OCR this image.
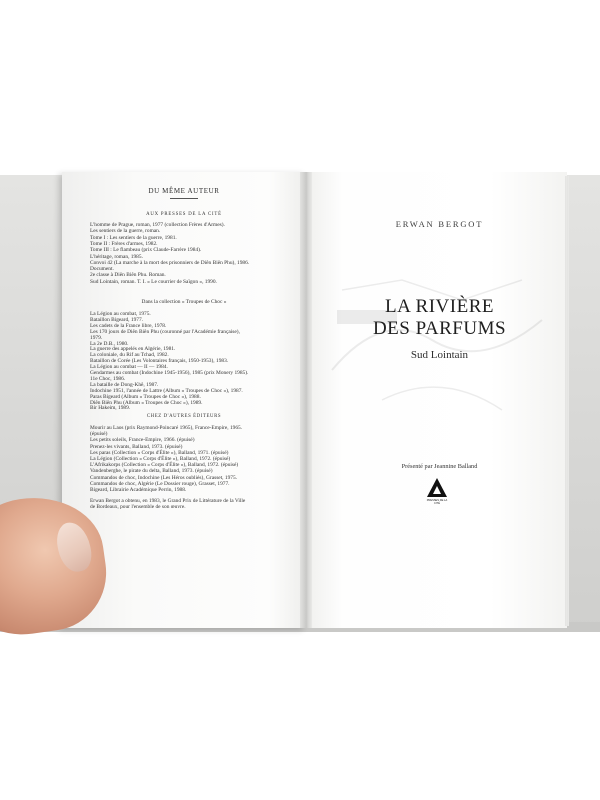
DU MÊME AUTEUR
AUX PRESSES DE LA CITÉ
L'homme de Prague, roman, 1977 (collection Frères d'Armes).
Les sentiers de la guerre, roman.
Tome I : Les sentiers de la guerre, 1981.
Tome II : Frères d'armes, 1982.
Tome III : Le flambeau (prix Claude-Farrère 1984).
L'héritage, roman, 1985.
Convoi 42 (La marche à la mort des prisonniers de Diên Biên Phu), 1986.
Document.
2e classe à Diên Biên Phu. Roman.
Sud Lointain, roman. T. I. « Le courrier de Saïgon », 1990.
Dans la collection « Troupes de Choc »
La Légion au combat, 1975.
Bataillon Bigeard, 1977.
Les cadets de la France libre, 1978.
Les 170 jours de Diên Biên Phu (couronné par l'Académie française),
1979.
La 2e D.B., 1980.
La guerre des appelés en Algérie, 1981.
La coloniale, du Rif au Tchad, 1982.
Bataillon de Corée (Les Volontaires français, 1950-1953), 1983.
La Légion au combat — II — 1984.
Gendarmes au combat (Indochine 1945-1956), 1985 (prix Monery 1985).
11e Choc, 1986.
La bataille de Dong-Khê, 1987.
Indochine 1951, l'année de Lattre (Album « Troupes de Choc »), 1987.
Paras Bigeard (Album « Troupes de Choc »), 1988.
Diên Biên Phu (Album « Troupes de Choc »), 1989.
Bir Hakeim, 1989.
CHEZ D'AUTRES ÉDITEURS
Mourir au Laos (prix Raymond-Poincaré 1965), France-Empire, 1965.
(épuisé)
Les petits soleils, France-Empire, 1966. (épuisé)
Prenez-les vivants, Balland, 1973. (épuisé)
Les paras (Collection « Corps d'Élite »), Balland, 1971. (épuisé)
La Légion (Collection « Corps d'Élite »), Balland, 1972. (épuisé)
L'Afrikakorps (Collection « Corps d'Élite »), Balland, 1972. (épuisé)
Vandenberghe, le pirate du delta, Balland, 1973. (épuisé)
Commandos de choc, Indochine (Les Héros oubliés), Grasset, 1975.
Commandos de choc, Algérie (Le Dossier rouge), Grasset, 1977.
Bigeard, Librairie Académique Perrin, 1988.
Erwan Bergot a obtenu, en 1983, le Grand Prix de Littérature de la Ville
de Bordeaux, pour l'ensemble de son œuvre.
ERWAN BERGOT
LA RIVIÈRE
DES PARFUMS
Sud Lointain
Présenté par Jeannine Balland
PRESSES DE LA CITÉ
